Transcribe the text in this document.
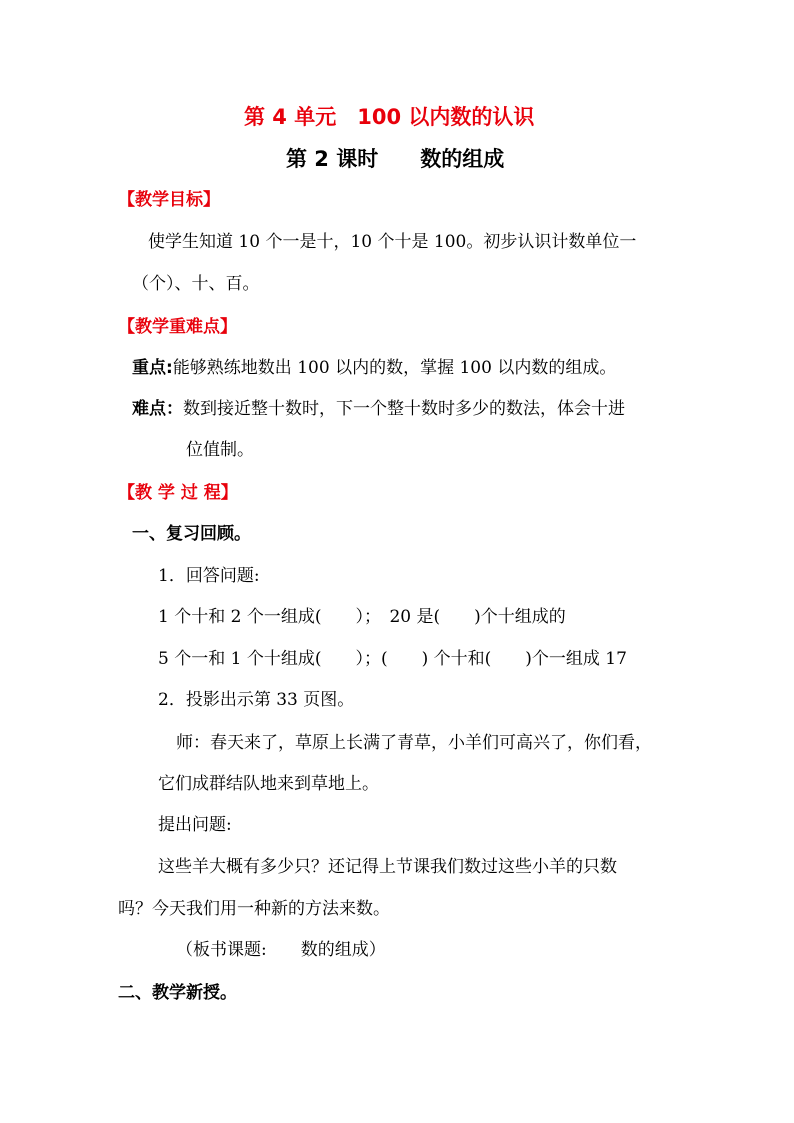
第 4 单元　100 以内数的认识
第 2 课时　　数的组成
【教学目标】
使学生知道 10 个一是十，10 个十是 100。初步认识计数单位一
（个）、十、百。
【教学重难点】
重点:能够熟练地数出 100 以内的数，掌握 100 以内数的组成。
难点：数到接近整十数时，下一个整十数时多少的数法，体会十进
位值制。
【教 学 过 程】
一、复习回顾。
1．回答问题:
1 个十和 2 个一组成(　　）；　20 是(　　)个十组成的
5 个一和 1 个十组成(　　）；(　　) 个十和(　　)个一组成 17
2．投影出示第 33 页图。
师：春天来了，草原上长满了青草，小羊们可高兴了，你们看，
它们成群结队地来到草地上。
提出问题:
这些羊大概有多少只？还记得上节课我们数过这些小羊的只数
吗？今天我们用一种新的方法来数。
（板书课题:　　数的组成）
二、教学新授。
